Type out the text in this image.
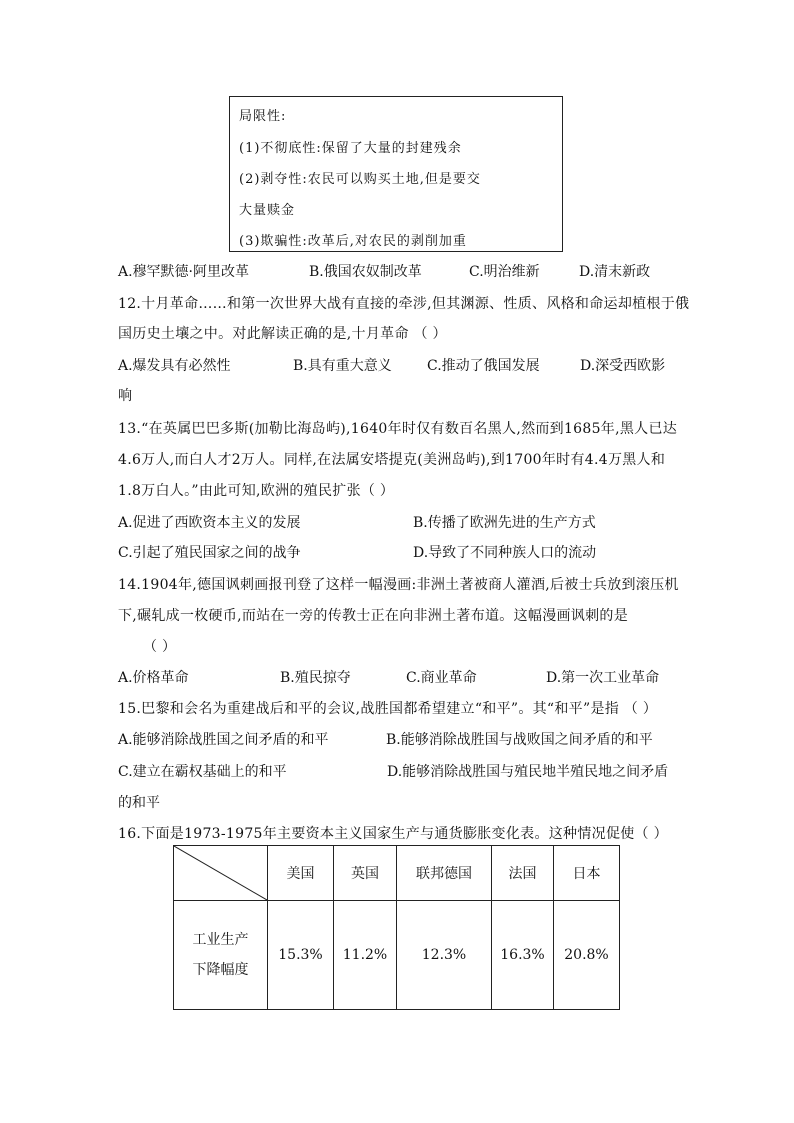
局限性:
(1)不彻底性:保留了大量的封建残余
(2)剥夺性:农民可以购买土地,但是要交
大量赎金
(3)欺骗性:改革后,对农民的剥削加重
A.穆罕默德·阿里改革	B.俄国农奴制改革	C.明治维新	D.清末新政
12.十月革命……和第一次世界大战有直接的牵涉,但其渊源、性质、风格和命运却植根于俄
国历史土壤之中。对此解读正确的是,十月革命 （ ）
A.爆发具有必然性	B.具有重大意义	C.推动了俄国发展	D.深受西欧影
响
13.“在英属巴巴多斯(加勒比海岛屿),1640年时仅有数百名黑人,然而到1685年,黑人已达
4.6万人,而白人才2万人。同样,在法属安塔提克(美洲岛屿),到1700年时有4.4万黑人和
1.8万白人。”由此可知,欧洲的殖民扩张（ ）
A.促进了西欧资本主义的发展	B.传播了欧洲先进的生产方式
C.引起了殖民国家之间的战争	D.导致了不同种族人口的流动
14.1904年,德国讽刺画报刊登了这样一幅漫画:非洲土著被商人灌酒,后被士兵放到滚压机
下,碾轧成一枚硬币,而站在一旁的传教士正在向非洲土著布道。这幅漫画讽刺的是
（ ）
A.价格革命	B.殖民掠夺	C.商业革命	D.第一次工业革命
15.巴黎和会名为重建战后和平的会议,战胜国都希望建立“和平”。其“和平”是指 （ ）
A.能够消除战胜国之间矛盾的和平	B.能够消除战胜国与战败国之间矛盾的和平
C.建立在霸权基础上的和平	D.能够消除战胜国与殖民地半殖民地之间矛盾
的和平
16.下面是1973-1975年主要资本主义国家生产与通货膨胀变化表。这种情况促使（ ）
	美国	英国	联邦德国	法国	日本

工业生产
下降幅度	15.3%	11.2%	12.3%	16.3%	20.8%
